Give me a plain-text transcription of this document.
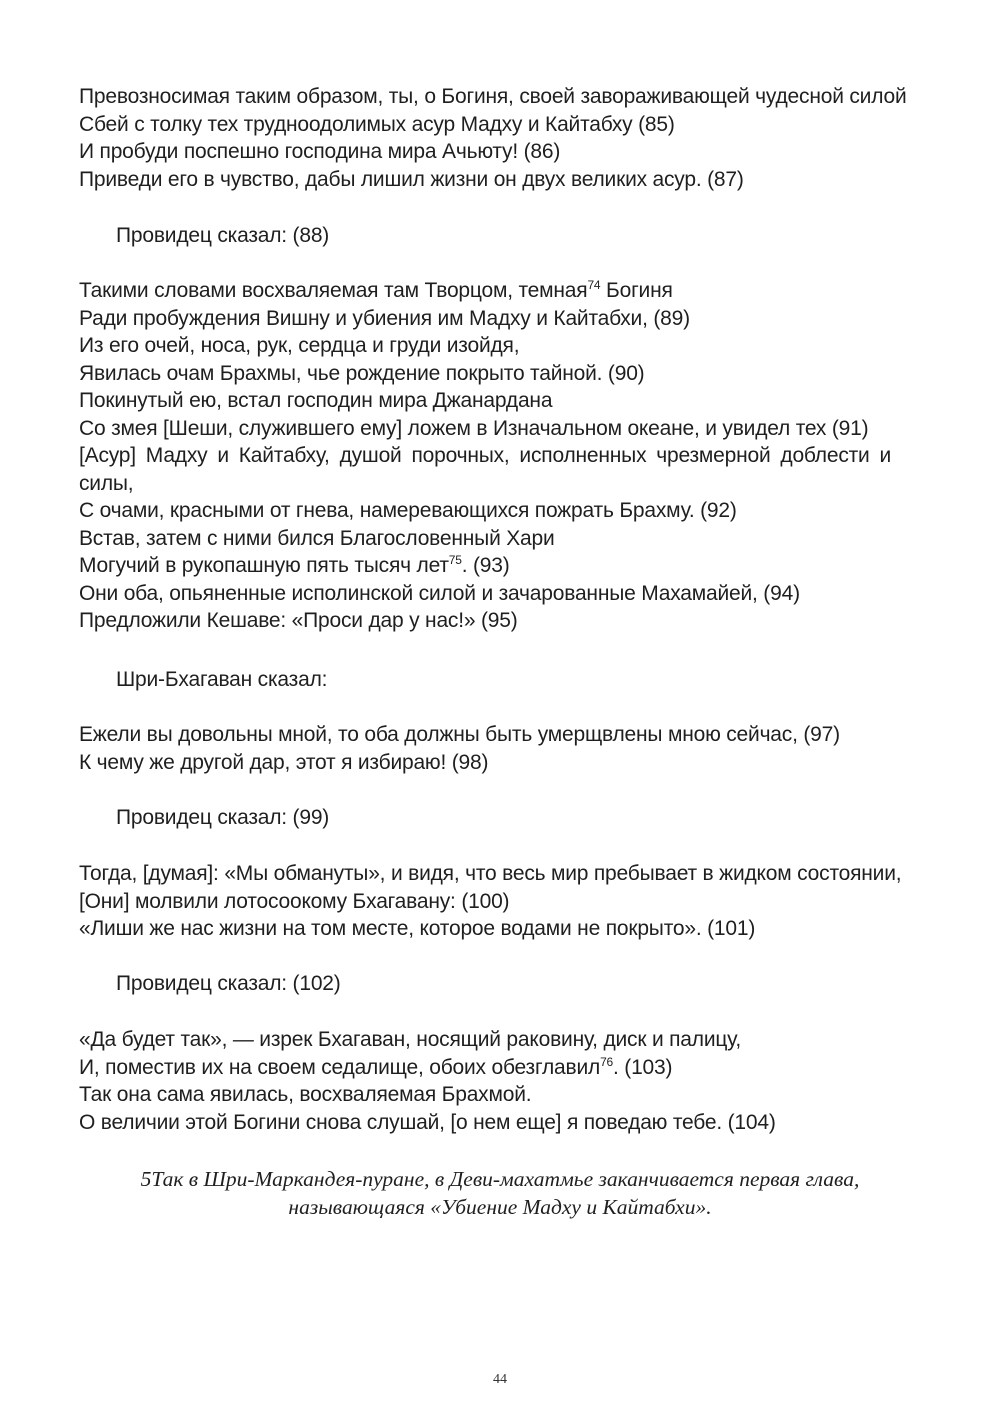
Превозносимая таким образом, ты, о Богиня, своей завораживающей чудесной силой
Сбей с толку тех трудноодолимых асур Мадху и Кайтабху (85)
И пробуди поспешно господина мира Ачьюту! (86)
Приведи его в чувство, дабы лишил жизни он двух великих асур. (87)
Провидец сказал: (88)
Такими словами восхваляемая там Творцом, темная$^{74}$ Богиня
Ради пробуждения Вишну и убиения им Мадху и Кайтабхи, (89)
Из его очей, носа, рук, сердца и груди изойдя,
Явилась очам Брахмы, чье рождение покрыто тайной. (90)
Покинутый ею, встал господин мира Джанардана
Со змея [Шеши, служившего ему] ложем в Изначальном океане, и увидел тех (91)
[Асур] Мадху и Кайтабху, душой порочных, исполненных чрезмерной доблести и
силы,
С очами, красными от гнева, намеревающихся пожрать Брахму. (92)
Встав, затем с ними бился Благословенный Хари
Могучий в рукопашную пять тысяч лет$^{75}$. (93)
Они оба, опьяненные исполинской силой и зачарованные Махамайей, (94)
Предложили Кешаве: «Проси дар у нас!» (95)
Шри-Бхагаван сказал:
Ежели вы довольны мной, то оба должны быть умерщвлены мною сейчас, (97)
К чему же другой дар, этот я избираю! (98)
Провидец сказал: (99)
Тогда, [думая]: «Мы обмануты», и видя, что весь мир пребывает в жидком состоянии,
[Они] молвили лотосоокому Бхагавану: (100)
«Лиши же нас жизни на том месте, которое водами не покрыто». (101)
Провидец сказал: (102)
«Да будет так», — изрек Бхагаван, носящий раковину, диск и палицу,
И, поместив их на своем седалище, обоих обезглавил$^{76}$. (103)
Так она сама явилась, восхваляемая Брахмой.
О величии этой Богини снова слушай, [о нем еще] я поведаю тебе. (104)
5Так в Шри-Маркандея-пуране, в Деви-махатмье заканчивается первая глава,
называющаяся «Убиение Мадху и Кайтабхи».
44
